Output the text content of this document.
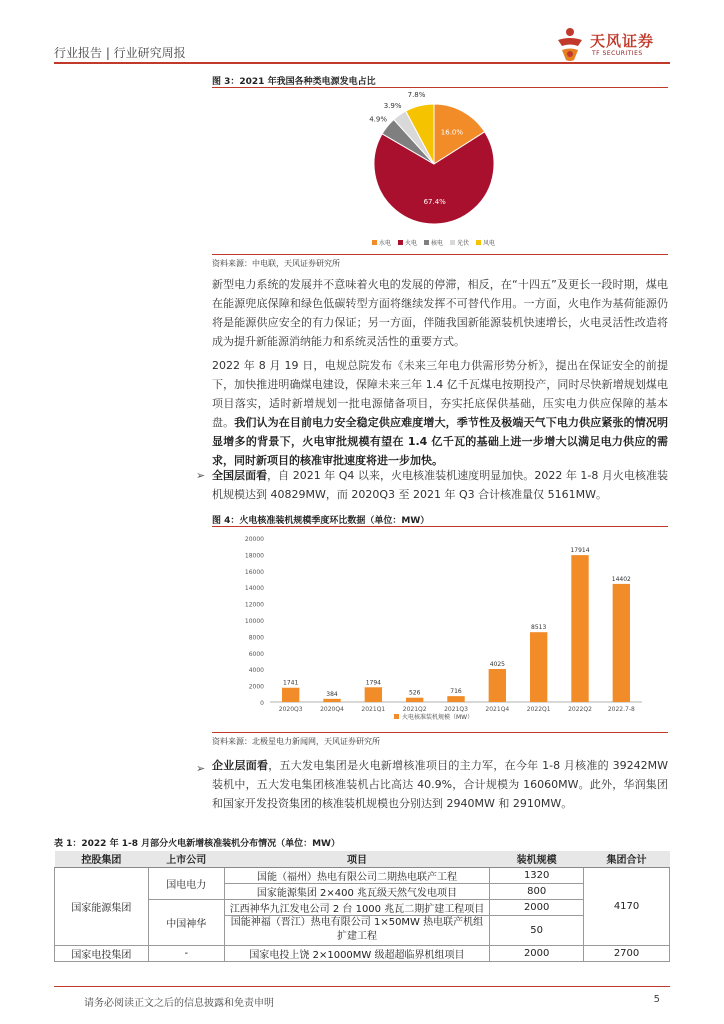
行业报告 | 行业研究周报
天风证券
TF SECURITIES
图 3：2021 年我国各种类电源发电占比
16.0%
67.4%
4.9%
3.9%
7.8%
水电 火电 核电 光伏 风电
资料来源：中电联，天风证券研究所
新型电力系统的发展并不意味着火电的发展的停滞，相反，在“十四五”及更长一段时期，煤电在能源兜底保障和绿色低碳转型方面将继续发挥不可替代作用。一方面，火电作为基荷能源仍将是能源供应安全的有力保证；另一方面，伴随我国新能源装机快速增长，火电灵活性改造将成为提升新能源消纳能力和系统灵活性的重要方式。
2022 年 8 月 19 日，电规总院发布《未来三年电力供需形势分析》，提出在保证安全的前提下，加快推进明确煤电建设，保障未来三年 1.4 亿千瓦煤电按期投产，同时尽快新增规划煤电项目落实，适时新增规划一批电源储备项目，夯实托底保供基础，压实电力供应保障的基本盘。我们认为在目前电力安全稳定供应难度增大，季节性及极端天气下电力供应紧张的情况明显增多的背景下，火电审批规模有望在 1.4 亿千瓦的基础上进一步增大以满足电力供应的需求，同时新项目的核准审批速度将进一步加快。
➢ 全国层面看，自 2021 年 Q4 以来，火电核准装机速度明显加快。2022 年 1-8 月火电核准装机规模达到 40829MW，而 2020Q3 至 2021 年 Q3 合计核准量仅 5161MW。
图 4：火电核准装机规模季度环比数据（单位：MW）
0
2000
4000
6000
8000
10000
12000
14000
16000
18000
20000
1741
2020Q3
384
2020Q4
1794
2021Q1
526
2021Q2
716
2021Q3
4025
2021Q4
8513
2022Q1
17914
2022Q2
14402
2022.7-8
火电核准装机规模（MW）
资料来源：北极星电力新闻网，天风证券研究所
➢ 企业层面看，五大发电集团是火电新增核准项目的主力军，在今年 1-8 月核准的 39242MW 装机中，五大发电集团核准装机占比高达 40.9%，合计规模为 16060MW。此外，华润集团和国家开发投资集团的核准装机规模也分别达到 2940MW 和 2910MW。
表 1：2022 年 1-8 月部分火电新增核准装机分布情况（单位：MW）
控股集团	上市公司	项目	装机规模	集团合计
国家能源集团	国电电力	国能（福州）热电有限公司二期热电联产工程	1320	4170
		国家能源集团 2×400 兆瓦级天然气发电项目	800	
	中国神华	江西神华九江发电公司 2 台 1000 兆瓦二期扩建工程项目	2000	
		国能神福（晋江）热电有限公司 1×50MW 热电联产机组扩建工程	50	
国家电投集团	-	国家电投上饶 2×1000MW 级超超临界机组项目	2000	2700
请务必阅读正文之后的信息披露和免责申明	5
